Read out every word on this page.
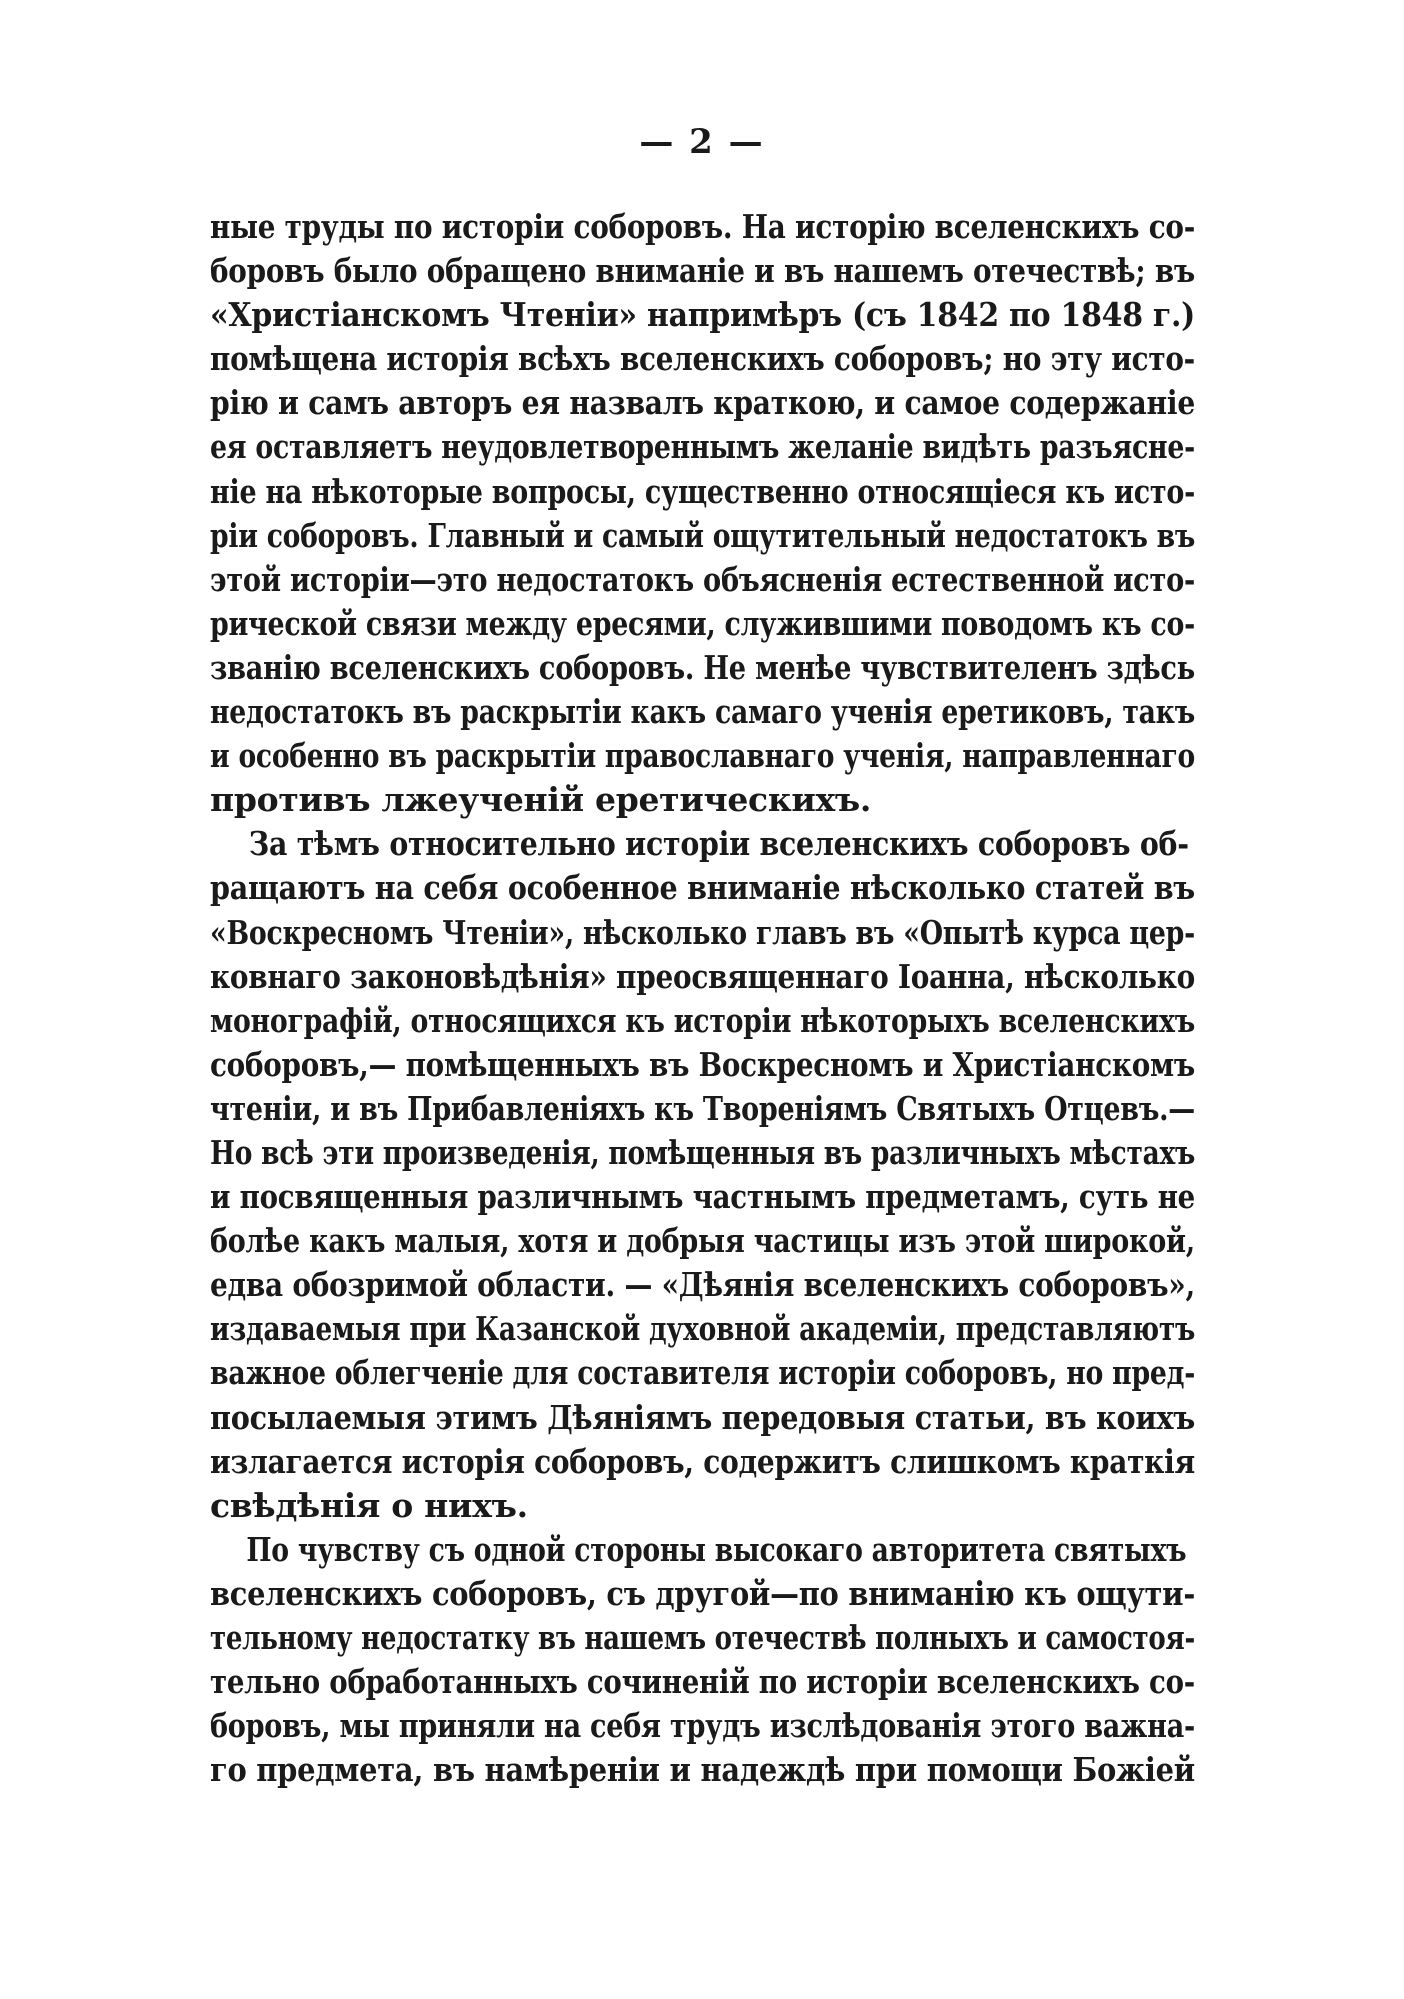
— 2 —
ные труды по исторіи соборовъ. На исторію вселенскихъ со-
боровъ было обращено вниманіе и въ нашемъ отечествѣ; въ
«Христіанскомъ Чтеніи» напримѣръ (съ 1842 по 1848 г.)
помѣщена исторія всѣхъ вселенскихъ соборовъ; но эту исто-
рію и самъ авторъ ея назвалъ краткою, и самое содержаніе
ея оставляетъ неудовлетвореннымъ желаніе видѣть разъясне-
ніе на нѣкоторые вопросы, существенно относящіеся къ исто-
ріи соборовъ. Главный и самый ощутительный недостатокъ въ
этой исторіи—это недостатокъ объясненія естественной исто-
рической связи между ересями, служившими поводомъ къ со-
званію вселенскихъ соборовъ. Не менѣе чувствителенъ здѣсь
недостатокъ въ раскрытіи какъ самаго ученія еретиковъ, такъ
и особенно въ раскрытіи православнаго ученія, направленнаго
противъ лжеученій еретическихъ.
За тѣмъ относительно исторіи вселенскихъ соборовъ об-
ращаютъ на себя особенное вниманіе нѣсколько статей въ
«Воскресномъ Чтеніи», нѣсколько главъ въ «Опытѣ курса цер-
ковнаго законовѣдѣнія» преосвященнаго Іоанна, нѣсколько
монографій, относящихся къ исторіи нѣкоторыхъ вселенскихъ
соборовъ,— помѣщенныхъ въ Воскресномъ и Христіанскомъ
чтеніи, и въ Прибавленіяхъ къ Твореніямъ Святыхъ Отцевъ.—
Но всѣ эти произведенія, помѣщенныя въ различныхъ мѣстахъ
и посвященныя различнымъ частнымъ предметамъ, суть не
болѣе какъ малыя, хотя и добрыя частицы изъ этой широкой,
едва обозримой области. — «Дѣянія вселенскихъ соборовъ»,
издаваемыя при Казанской духовной академіи, представляютъ
важное облегченіе для составителя исторіи соборовъ, но пред-
посылаемыя этимъ Дѣяніямъ передовыя статьи, въ коихъ
излагается исторія соборовъ, содержитъ слишкомъ краткія
свѣдѣнія о нихъ.
По чувству съ одной стороны высокаго авторитета святыхъ
вселенскихъ соборовъ, съ другой—по вниманію къ ощути-
тельному недостатку въ нашемъ отечествѣ полныхъ и самостоя-
тельно обработанныхъ сочиненій по исторіи вселенскихъ со-
боровъ, мы приняли на себя трудъ изслѣдованія этого важна-
го предмета, въ намѣреніи и надеждѣ при помощи Божіей
